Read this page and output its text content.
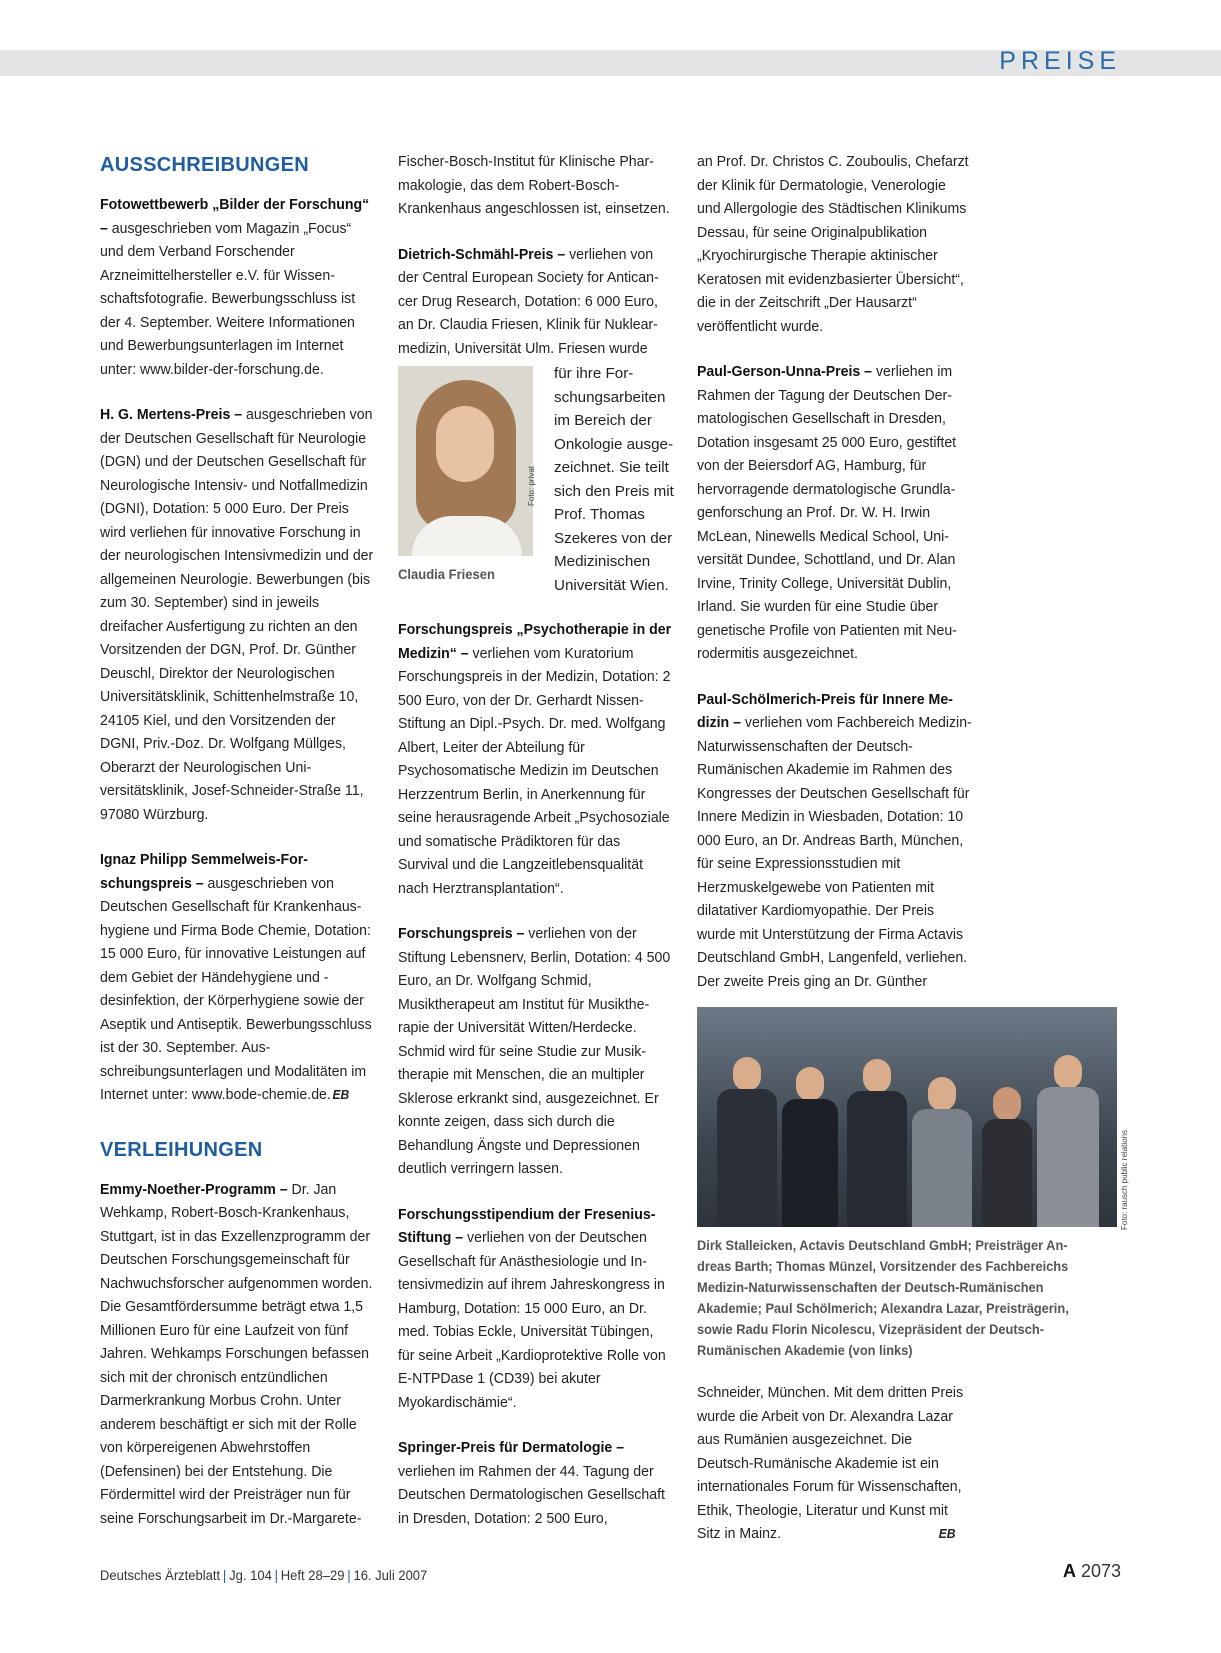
PREISE
AUSSCHREIBUNGEN

Fotowettbewerb „Bilder der Forschung“ – ausgeschrieben vom Magazin „Focus“ und dem Verband Forschender Arzneimittelhersteller e.V. für Wissenschaftsfotografie. Bewerbungsschluss ist der 4. September. Weitere Informationen und Bewerbungsunterlagen im Internet unter: www.bilder-der-forschung.de.

H. G. Mertens-Preis – ausgeschrieben von der Deutschen Gesellschaft für Neurologie (DGN) und der Deutschen Gesellschaft für Neurologische Intensiv- und Notfallmedizin (DGNI), Dotation: 5 000 Euro. Der Preis wird verliehen für innovative Forschung in der neurologischen Intensivmedizin und der allgemeinen Neurologie. Bewerbungen (bis zum 30. September) sind in jeweils dreifacher Ausfertigung zu richten an den Vorsitzenden der DGN, Prof. Dr. Günther Deuschl, Direktor der Neurologischen Universitätsklinik, Schittenhelmstraße 10, 24105 Kiel, und den Vorsitzenden der DGNI, Priv.-Doz. Dr. Wolfgang Müllges, Oberarzt der Neurologischen Universitätsklinik, Josef-Schneider-Straße 11, 97080 Würzburg.

Ignaz Philipp Semmelweis-Forschungspreis – ausgeschrieben von Deutschen Gesellschaft für Krankenhaushygiene und Firma Bode Chemie, Dotation: 15 000 Euro, für innovative Leistungen auf dem Gebiet der Händehygiene und -desinfektion, der Körperhygiene sowie der Aseptik und Antiseptik. Bewerbungsschluss ist der 30. September. Ausschreibungsunterlagen und Modalitäten im Internet unter: www.bode-chemie.de. EB

VERLEIHUNGEN

Emmy-Noether-Programm – Dr. Jan Wehkamp, Robert-Bosch-Krankenhaus, Stuttgart, ist in das Exzellenzprogramm der Deutschen Forschungsgemeinschaft für Nachwuchsforscher aufgenommen worden. Die Gesamtfördersumme beträgt etwa 1,5 Millionen Euro für eine Laufzeit von fünf Jahren. Wehkamps Forschungen befassen sich mit der chronisch entzündlichen Darmerkrankung Morbus Crohn. Unter anderem beschäftigt er sich mit der Rolle von körpereigenen Abwehrstoffen (Defensinen) bei der Entstehung. Die Fördermittel wird der Preisträger nun für seine Forschungsarbeit im Dr.-Margarete-

Fischer-Bosch-Institut für Klinische Pharmakologie, das dem Robert-Bosch-Krankenhaus angeschlossen ist, einsetzen.

Dietrich-Schmähl-Preis – verliehen von der Central European Society for Anticancer Drug Research, Dotation: 6 000 Euro, an Dr. Claudia Friesen, Klinik für Nuklearmedizin, Universität Ulm. Friesen wurde

Foto: privat
Claudia Friesen
für ihre Forschungsarbeiten im Bereich der Onkologie ausgezeichnet. Sie teilt sich den Preis mit Prof. Thomas Szekeres von der Medizinischen Universität Wien.

Forschungspreis „Psychotherapie in der Medizin“ – verliehen vom Kuratorium Forschungspreis in der Medizin, Dotation: 2 500 Euro, von der Dr. Gerhardt Nissen-Stiftung an Dipl.-Psych. Dr. med. Wolfgang Albert, Leiter der Abteilung für Psychosomatische Medizin im Deutschen Herzzentrum Berlin, in Anerkennung für seine herausragende Arbeit „Psychosoziale und somatische Prädiktoren für das Survival und die Langzeitlebensqualität nach Herztransplantation“.

Forschungspreis – verliehen von der Stiftung Lebensnerv, Berlin, Dotation: 4 500 Euro, an Dr. Wolfgang Schmid, Musiktherapeut am Institut für Musiktherapie der Universität Witten/Herdecke. Schmid wird für seine Studie zur Musiktherapie mit Menschen, die an multipler Sklerose erkrankt sind, ausgezeichnet. Er konnte zeigen, dass sich durch die Behandlung Ängste und Depressionen deutlich verringern lassen.

Forschungsstipendium der Fresenius-Stiftung – verliehen von der Deutschen Gesellschaft für Anästhesiologie und Intensivmedizin auf ihrem Jahreskongress in Hamburg, Dotation: 15 000 Euro, an Dr. med. Tobias Eckle, Universität Tübingen, für seine Arbeit „Kardioprotektive Rolle von E-NTPDase 1 (CD39) bei akuter Myokardischämie“.

Springer-Preis für Dermatologie – verliehen im Rahmen der 44. Tagung der Deutschen Dermatologischen Gesellschaft in Dresden, Dotation: 2 500 Euro,

an Prof. Dr. Christos C. Zouboulis, Chefarzt der Klinik für Dermatologie, Venerologie und Allergologie des Städtischen Klinikums Dessau, für seine Originalpublikation „Kryochirurgische Therapie aktinischer Keratosen mit evidenzbasierter Übersicht“, die in der Zeitschrift „Der Hausarzt“ veröffentlicht wurde.

Paul-Gerson-Unna-Preis – verliehen im Rahmen der Tagung der Deutschen Dermatologischen Gesellschaft in Dresden, Dotation insgesamt 25 000 Euro, gestiftet von der Beiersdorf AG, Hamburg, für hervorragende dermatologische Grundlagenforschung an Prof. Dr. W. H. Irwin McLean, Ninewells Medical School, Universität Dundee, Schottland, und Dr. Alan Irvine, Trinity College, Universität Dublin, Irland. Sie wurden für eine Studie über genetische Profile von Patienten mit Neurodermitis ausgezeichnet.

Paul-Schölmerich-Preis für Innere Medizin – verliehen vom Fachbereich Medizin-Naturwissenschaften der Deutsch-Rumänischen Akademie im Rahmen des Kongresses der Deutschen Gesellschaft für Innere Medizin in Wiesbaden, Dotation: 10 000 Euro, an Dr. Andreas Barth, München, für seine Expressionsstudien mit Herzmuskelgewebe von Patienten mit dilatativer Kardiomyopathie. Der Preis wurde mit Unterstützung der Firma Actavis Deutschland GmbH, Langenfeld, verliehen. Der zweite Preis ging an Dr. Günther

Dirk Stalleicken, Actavis Deutschland GmbH; Preisträger Andreas Barth; Thomas Münzel, Vorsitzender des Fachbereichs Medizin-Naturwissenschaften der Deutsch-Rumänischen Akademie; Paul Schölmerich; Alexandra Lazar, Preisträgerin, sowie Radu Florin Nicolescu, Vizepräsident der Deutsch-Rumänischen Akademie (von links)

Schneider, München. Mit dem dritten Preis wurde die Arbeit von Dr. Alexandra Lazar aus Rumänien ausgezeichnet. Die Deutsch-Rumänische Akademie ist ein internationales Forum für Wissenschaften, Ethik, Theologie, Literatur und Kunst mit Sitz in Mainz.	EB

Foto: rausch public relations
Deutsches Ärzteblatt | Jg. 104 | Heft 28–29 | 16. Juli 2007	A 2073
